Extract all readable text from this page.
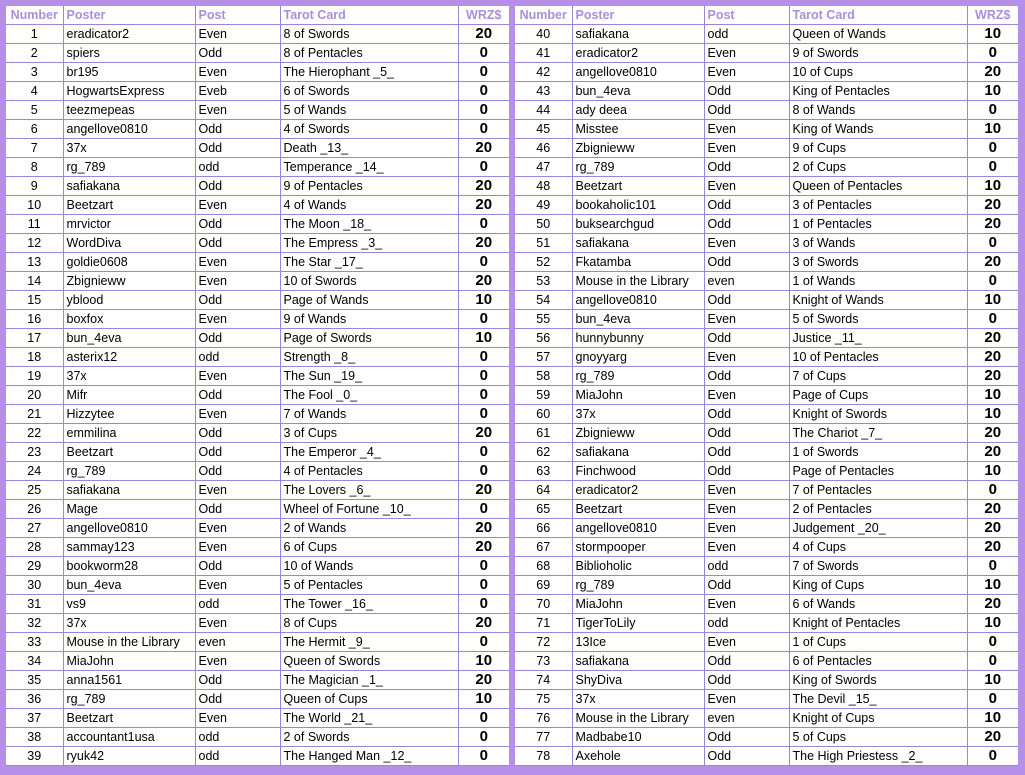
Number	Poster	Post	Tarot Card	WRZ$
1	eradicator2	Even	8 of Swords	20
2	spiers	Odd	8 of Pentacles	0
3	br195	Even	The Hierophant _5_	0
4	HogwartsExpress	Eveb	6 of Swords	0
5	teezmepeas	Even	5 of Wands	0
6	angellove0810	Odd	4 of Swords	0
7	37x	Odd	Death _13_	20
8	rg_789	odd	Temperance _14_	0
9	safiakana	Odd	9 of Pentacles	20
10	Beetzart	Even	4 of Wands	20
11	mrvictor	Odd	The Moon _18_	0
12	WordDiva	Odd	The Empress _3_	20
13	goldie0608	Even	The Star _17_	0
14	Zbignieww	Even	10 of Swords	20
15	yblood	Odd	Page of Wands	10
16	boxfox	Even	9 of Wands	0
17	bun_4eva	Odd	Page of Swords	10
18	asterix12	odd	Strength _8_	0
19	37x	Even	The Sun _19_	0
20	Mifr	Odd	The Fool _0_	0
21	Hizzytee	Even	7 of Wands	0
22	emmilina	Odd	3 of Cups	20
23	Beetzart	Odd	The Emperor _4_	0
24	rg_789	Odd	4 of Pentacles	0
25	safiakana	Even	The Lovers _6_	20
26	Mage	Odd	Wheel of Fortune _10_	0
27	angellove0810	Even	2 of Wands	20
28	sammay123	Even	6 of Cups	20
29	bookworm28	Odd	10 of Wands	0
30	bun_4eva	Even	5 of Pentacles	0
31	vs9	odd	The Tower _16_	0
32	37x	Even	8 of Cups	20
33	Mouse in the Library	even	The Hermit _9_	0
34	MiaJohn	Even	Queen of Swords	10
35	anna1561	Odd	The Magician _1_	20
36	rg_789	Odd	Queen of Cups	10
37	Beetzart	Even	The World _21_	0
38	accountant1usa	odd	2 of Swords	0
39	ryuk42	odd	The Hanged Man _12_	0
Number	Poster	Post	Tarot Card	WRZ$
40	safiakana	odd	Queen of Wands	10
41	eradicator2	Even	9 of Swords	0
42	angellove0810	Even	10 of Cups	20
43	bun_4eva	Odd	King of Pentacles	10
44	ady deea	Odd	8 of Wands	0
45	Misstee	Even	King of Wands	10
46	Zbignieww	Even	9 of Cups	0
47	rg_789	Odd	2 of Cups	0
48	Beetzart	Even	Queen of Pentacles	10
49	bookaholic101	Odd	3 of Pentacles	20
50	buksearchgud	Odd	1 of Pentacles	20
51	safiakana	Even	3 of Wands	0
52	Fkatamba	Odd	3 of Swords	20
53	Mouse in the Library	even	1 of Wands	0
54	angellove0810	Odd	Knight of Wands	10
55	bun_4eva	Even	5 of Swords	0
56	hunnybunny	Odd	Justice _11_	20
57	gnoyyarg	Even	10 of Pentacles	20
58	rg_789	Odd	7 of Cups	20
59	MiaJohn	Even	Page of Cups	10
60	37x	Odd	Knight of Swords	10
61	Zbignieww	Odd	The Chariot _7_	20
62	safiakana	Odd	1 of Swords	20
63	Finchwood	Odd	Page of Pentacles	10
64	eradicator2	Even	7 of Pentacles	0
65	Beetzart	Even	2 of Pentacles	20
66	angellove0810	Even	Judgement _20_	20
67	stormpooper	Even	4 of Cups	20
68	Biblioholic	odd	7 of Swords	0
69	rg_789	Odd	King of Cups	10
70	MiaJohn	Even	6 of Wands	20
71	TigerToLily	odd	Knight of Pentacles	10
72	13Ice	Even	1 of Cups	0
73	safiakana	Odd	6 of Pentacles	0
74	ShyDiva	Odd	King of Swords	10
75	37x	Even	The Devil _15_	0
76	Mouse in the Library	even	Knight of Cups	10
77	Madbabe10	Odd	5 of Cups	20
78	Axehole	Odd	The High Priestess _2_	0
